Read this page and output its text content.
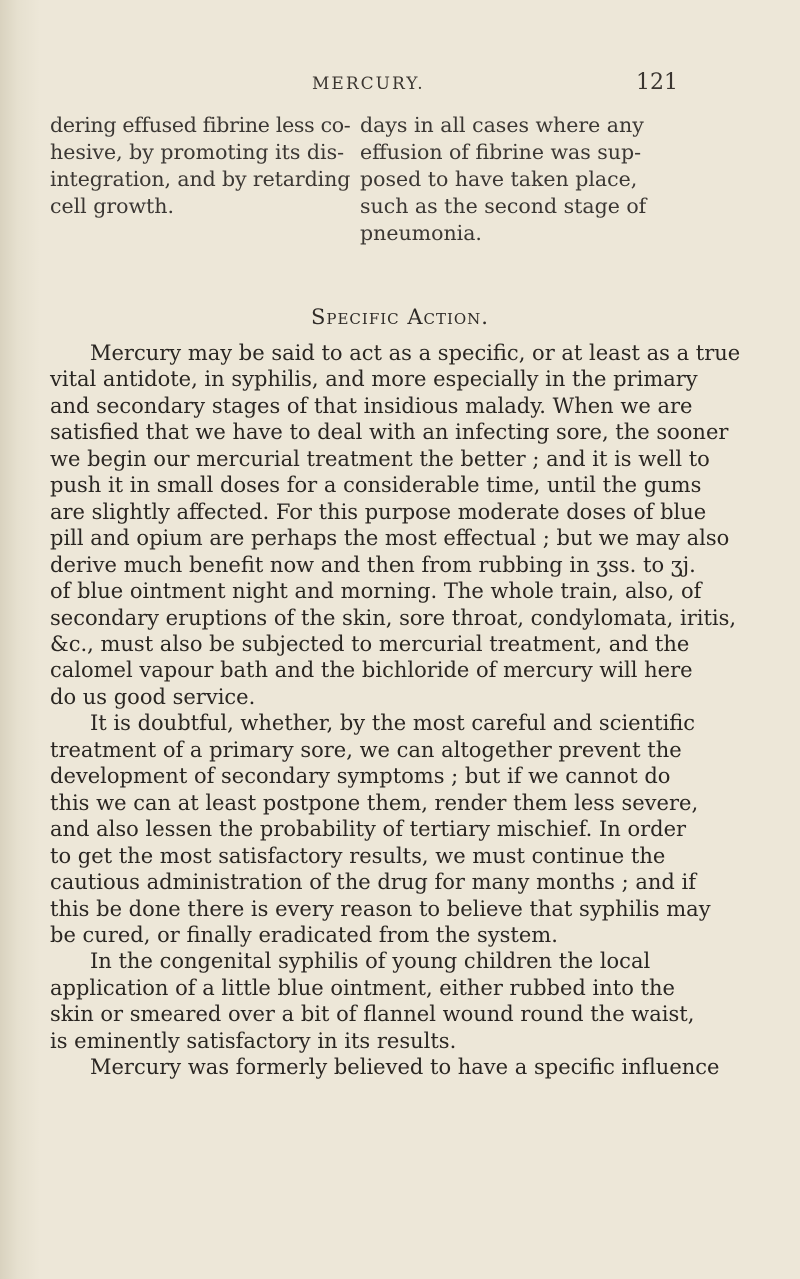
MERCURY.	121
dering effused fibrine less co-
hesive, by promoting its dis-
integration, and by retarding
cell growth.
days in all cases where any
effusion of fibrine was sup-
posed to have taken place,
such as the second stage of
pneumonia.
Specific Action.
Mercury may be said to act as a specific, or at least as a true
vital antidote, in syphilis, and more especially in the primary
and secondary stages of that insidious malady. When we are
satisfied that we have to deal with an infecting sore, the sooner
we begin our mercurial treatment the better ; and it is well to
push it in small doses for a considerable time, until the gums
are slightly affected. For this purpose moderate doses of blue
pill and opium are perhaps the most effectual ; but we may also
derive much benefit now and then from rubbing in ʒss. to ʒj.
of blue ointment night and morning. The whole train, also, of
secondary eruptions of the skin, sore throat, condylomata, iritis,
&c., must also be subjected to mercurial treatment, and the
calomel vapour bath and the bichloride of mercury will here
do us good service.
It is doubtful, whether, by the most careful and scientific
treatment of a primary sore, we can altogether prevent the
development of secondary symptoms ; but if we cannot do
this we can at least postpone them, render them less severe,
and also lessen the probability of tertiary mischief. In order
to get the most satisfactory results, we must continue the
cautious administration of the drug for many months ; and if
this be done there is every reason to believe that syphilis may
be cured, or finally eradicated from the system.
In the congenital syphilis of young children the local
application of a little blue ointment, either rubbed into the
skin or smeared over a bit of flannel wound round the waist,
is eminently satisfactory in its results.
Mercury was formerly believed to have a specific influence
